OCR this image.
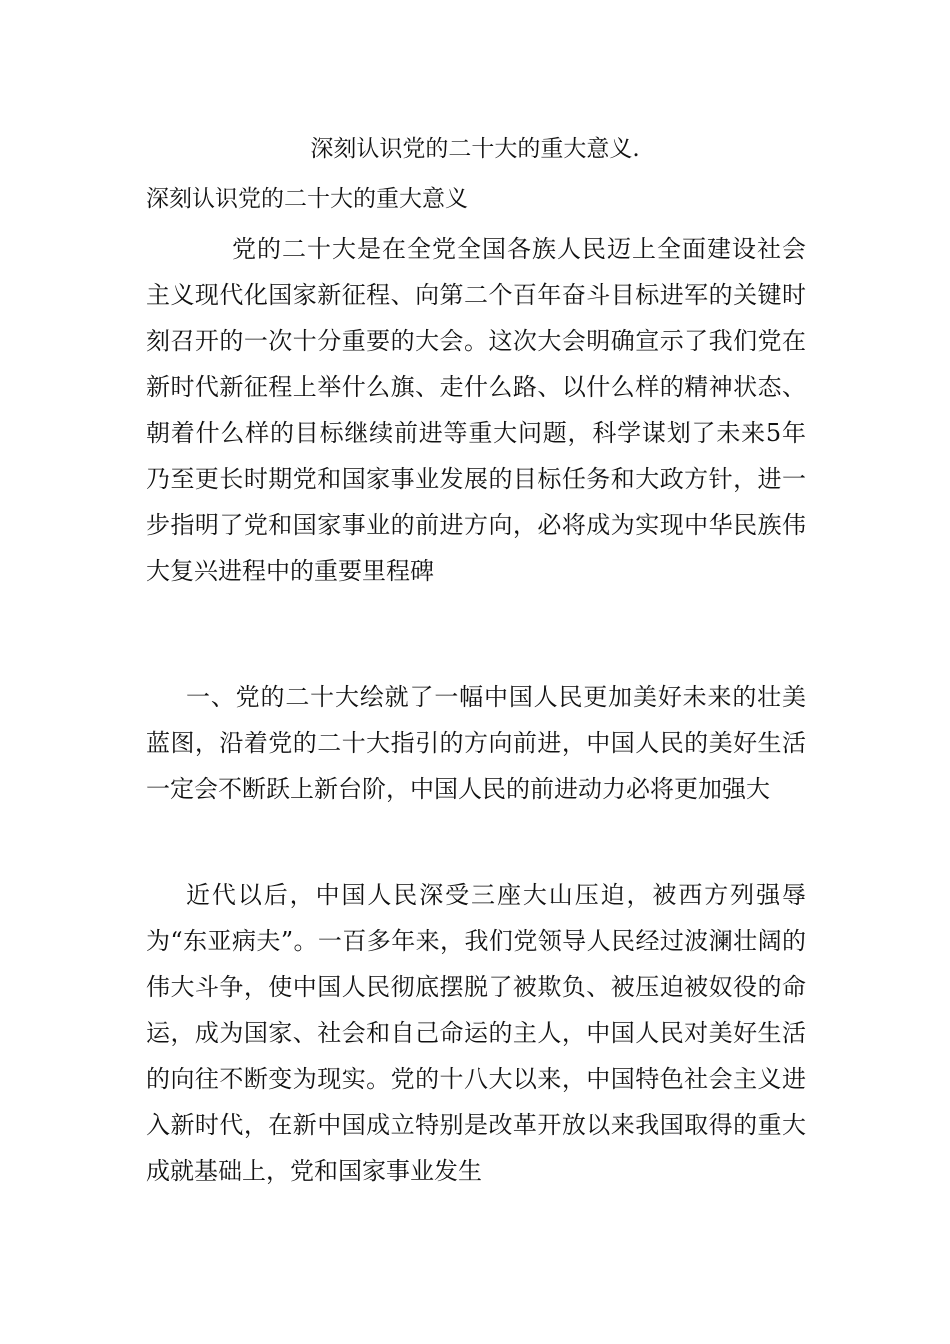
深刻认识党的二十大的重大意义.
深刻认识党的二十大的重大意义

党的二十大是在全党全国各族人民迈上全面建设社会主义现代化国家新征程、向第二个百年奋斗目标进军的关键时刻召开的一次十分重要的大会。这次大会明确宣示了我们党在新时代新征程上举什么旗、走什么路、以什么样的精神状态、朝着什么样的目标继续前进等重大问题，科学谋划了未来5年乃至更长时期党和国家事业发展的目标任务和大政方针，进一步指明了党和国家事业的前进方向，必将成为实现中华民族伟大复兴进程中的重要里程碑

一、党的二十大绘就了一幅中国人民更加美好未来的壮美蓝图，沿着党的二十大指引的方向前进，中国人民的美好生活一定会不断跃上新台阶，中国人民的前进动力必将更加强大

近代以后，中国人民深受三座大山压迫，被西方列强辱为“东亚病夫”。一百多年来，我们党领导人民经过波澜壮阔的伟大斗争，使中国人民彻底摆脱了被欺负、被压迫被奴役的命运，成为国家、社会和自己命运的主人，中国人民对美好生活的向往不断变为现实。党的十八大以来，中国特色社会主义进入新时代，在新中国成立特别是改革开放以来我国取得的重大成就基础上，党和国家事业发生
